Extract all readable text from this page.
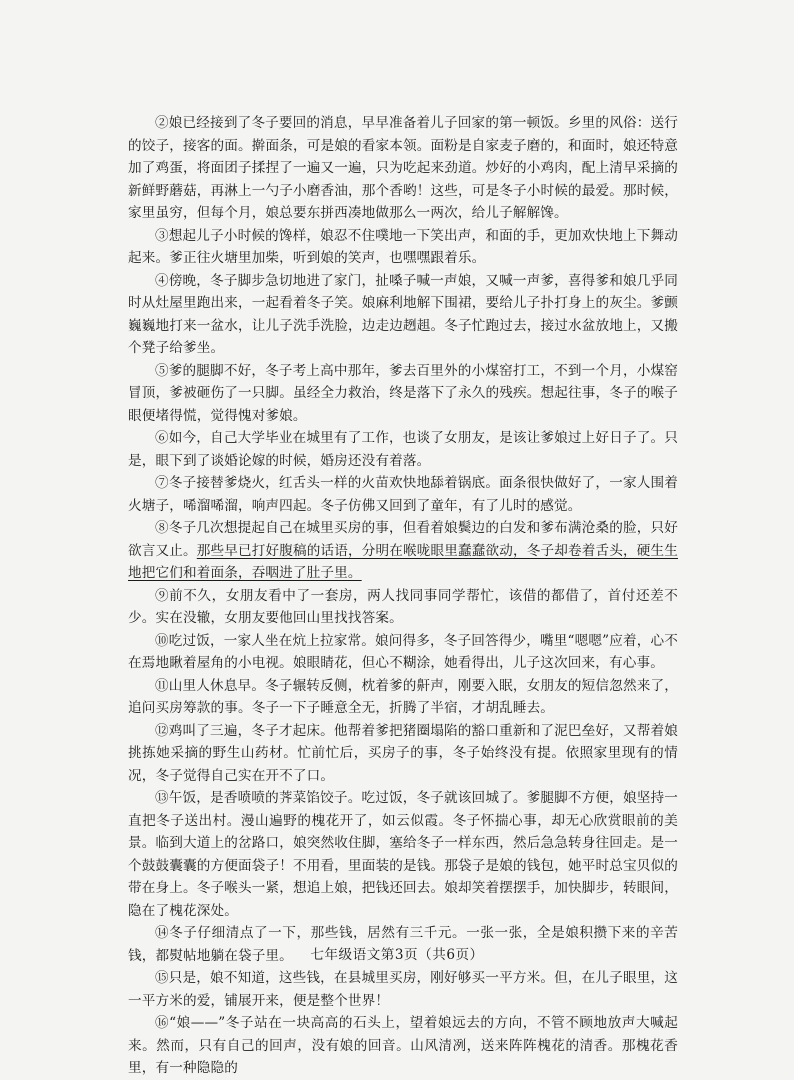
②娘已经接到了冬子要回的消息，早早准备着儿子回家的第一顿饭。乡里的风俗：送行的饺子，接客的面。擀面条，可是娘的看家本领。面粉是自家麦子磨的，和面时，娘还特意加了鸡蛋，将面团子揉捏了一遍又一遍，只为吃起来劲道。炒好的小鸡肉，配上清早采摘的新鲜野蘑菇，再淋上一勺子小磨香油，那个香哟！这些，可是冬子小时候的最爱。那时候，家里虽穷，但每个月，娘总要东拼西凑地做那么一两次，给儿子解解馋。

③想起儿子小时候的馋样，娘忍不住噗地一下笑出声，和面的手，更加欢快地上下舞动起来。爹正往火塘里加柴，听到娘的笑声，也嘿嘿跟着乐。

④傍晚，冬子脚步急切地进了家门，扯嗓子喊一声娘，又喊一声爹，喜得爹和娘几乎同时从灶屋里跑出来，一起看着冬子笑。娘麻利地解下围裙，要给儿子扑打身上的灰尘。爹颤巍巍地打来一盆水，让儿子洗手洗脸，边走边趔趄。冬子忙跑过去，接过水盆放地上，又搬个凳子给爹坐。

⑤爹的腿脚不好，冬子考上高中那年，爹去百里外的小煤窑打工，不到一个月，小煤窑冒顶，爹被砸伤了一只脚。虽经全力救治，终是落下了永久的残疾。想起往事，冬子的喉子眼便堵得慌，觉得愧对爹娘。

⑥如今，自己大学毕业在城里有了工作，也谈了女朋友，是该让爹娘过上好日子了。只是，眼下到了谈婚论嫁的时候，婚房还没有着落。

⑦冬子接替爹烧火，红舌头一样的火苗欢快地舔着锅底。面条很快做好了，一家人围着火塘子，唏溜唏溜，响声四起。冬子仿佛又回到了童年，有了儿时的感觉。

⑧冬子几次想提起自己在城里买房的事，但看着娘鬓边的白发和爹布满沧桑的脸，只好欲言又止。那些早已打好腹稿的话语，分明在喉咙眼里蠢蠢欲动，冬子却卷着舌头，硬生生地把它们和着面条，吞咽进了肚子里。

⑨前不久，女朋友看中了一套房，两人找同事同学帮忙，该借的都借了，首付还差不少。实在没辙，女朋友要他回山里找找答案。

⑩吃过饭，一家人坐在炕上拉家常。娘问得多，冬子回答得少，嘴里“嗯嗯”应着，心不在焉地瞅着屋角的小电视。娘眼睛花，但心不糊涂，她看得出，儿子这次回来，有心事。

⑪山里人休息早。冬子辗转反侧，枕着爹的鼾声，刚要入眠，女朋友的短信忽然来了，追问买房筹款的事。冬子一下子睡意全无，折腾了半宿，才胡乱睡去。

⑫鸡叫了三遍，冬子才起床。他帮着爹把猪圈塌陷的豁口重新和了泥巴垒好，又帮着娘挑拣她采摘的野生山药材。忙前忙后，买房子的事，冬子始终没有提。依照家里现有的情况，冬子觉得自己实在开不了口。

⑬午饭，是香喷喷的荠菜馅饺子。吃过饭，冬子就该回城了。爹腿脚不方便，娘坚持一直把冬子送出村。漫山遍野的槐花开了，如云似霞。冬子怀揣心事，却无心欣赏眼前的美景。临到大道上的岔路口，娘突然收住脚，塞给冬子一样东西，然后急急转身往回走。是一个鼓鼓囊囊的方便面袋子！不用看，里面装的是钱。那袋子是娘的钱包，她平时总宝贝似的带在身上。冬子喉头一紧，想追上娘，把钱还回去。娘却笑着摆摆手，加快脚步，转眼间，隐在了槐花深处。

⑭冬子仔细清点了一下，那些钱，居然有三千元。一张一张，全是娘积攒下来的辛苦钱，都熨帖地躺在袋子里。

⑮只是，娘不知道，这些钱，在县城里买房，刚好够买一平方米。但，在儿子眼里，这一平方米的爱，铺展开来，便是整个世界！

⑯“娘——”冬子站在一块高高的石头上，望着娘远去的方向，不管不顾地放声大喊起来。然而，只有自己的回声，没有娘的回音。山风清冽，送来阵阵槐花的清香。那槐花香里，有一种隐隐的

七年级语文第3页（共6页）
